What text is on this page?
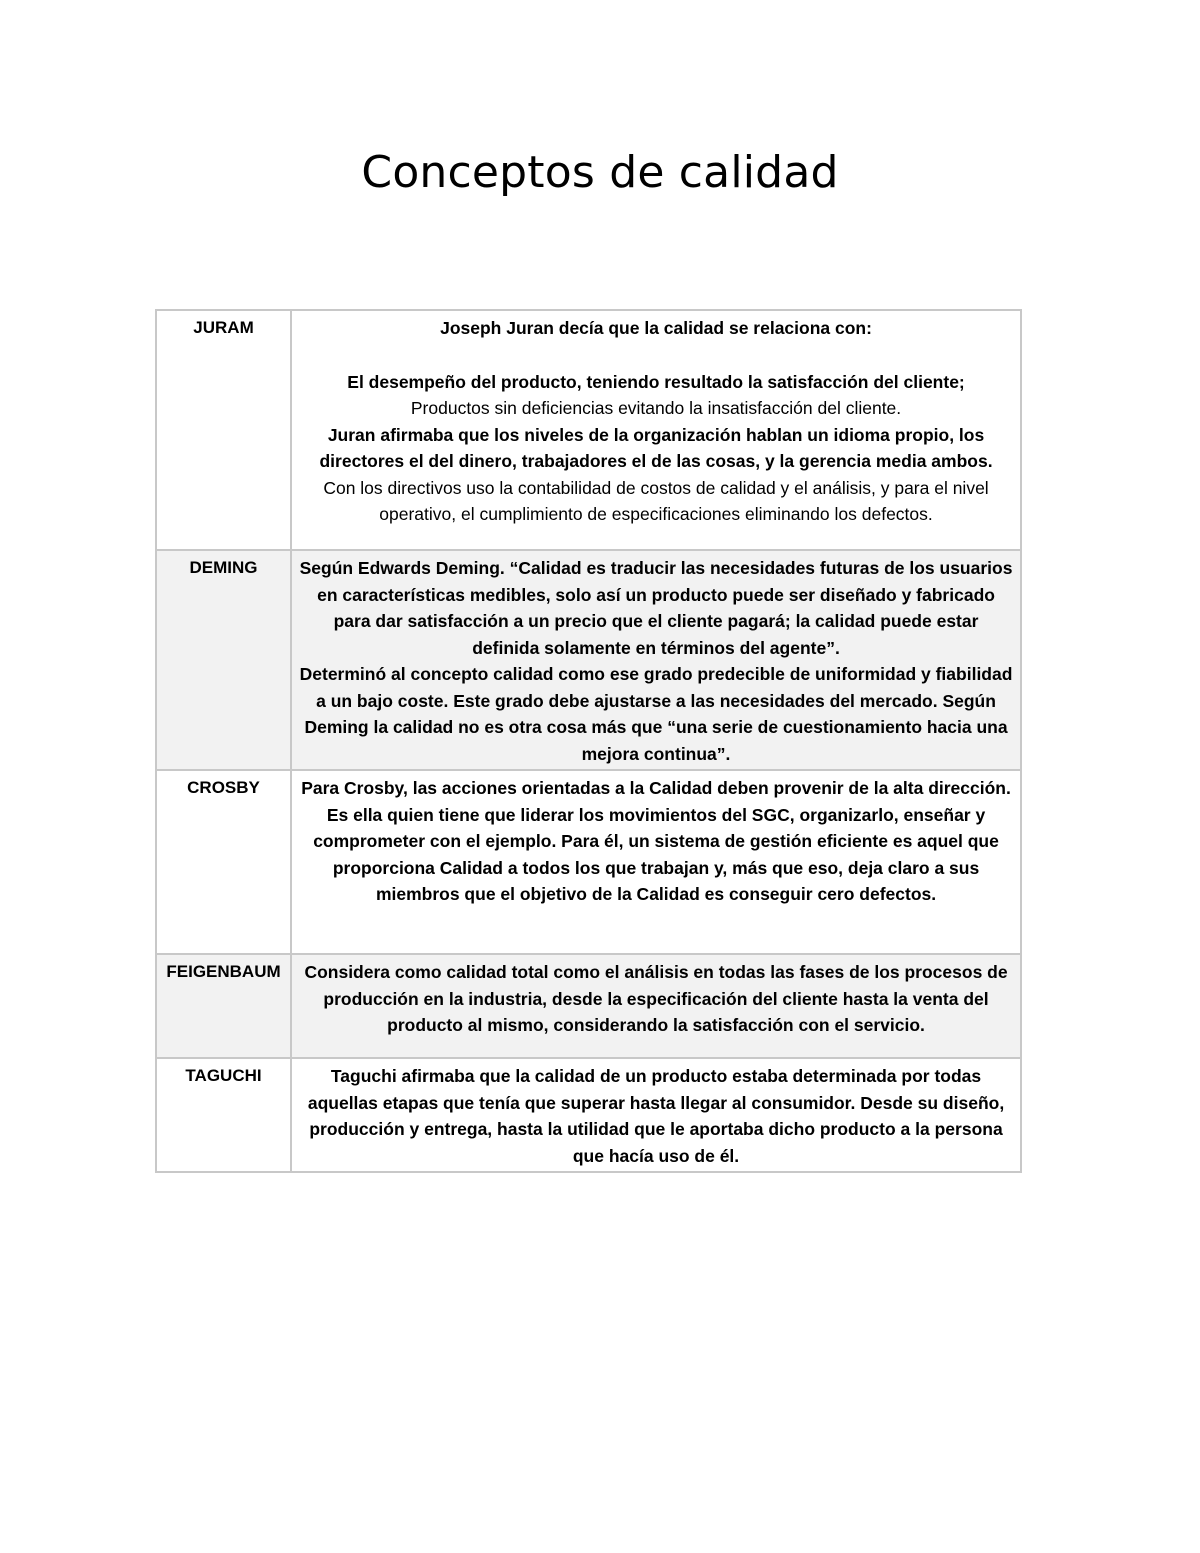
Conceptos de calidad
JURAM	Joseph Juran decía que la calidad se relaciona con:

El desempeño del producto, teniendo resultado la satisfacción del cliente;

Productos sin deficiencias evitando la insatisfacción del cliente.

Juran afirmaba que los niveles de la organización hablan un idioma propio, los directores el del dinero, trabajadores el de las cosas, y la gerencia media ambos.

Con los directivos uso la contabilidad de costos de calidad y el análisis, y para el nivel operativo, el cumplimiento de especificaciones eliminando los defectos.

DEMING	Según Edwards Deming. “Calidad es traducir las necesidades futuras de los usuarios en características medibles, solo así un producto puede ser diseñado y fabricado para dar satisfacción a un precio que el cliente pagará; la calidad puede estar definida solamente en términos del agente”.

Determinó al concepto calidad como ese grado predecible de uniformidad y fiabilidad a un bajo coste. Este grado debe ajustarse a las necesidades del mercado. Según Deming la calidad no es otra cosa más que “una serie de cuestionamiento hacia una mejora continua”.

CROSBY	Para Crosby, las acciones orientadas a la Calidad deben provenir de la alta dirección. Es ella quien tiene que liderar los movimientos del SGC, organizarlo, enseñar y comprometer con el ejemplo. Para él, un sistema de gestión eficiente es aquel que proporciona Calidad a todos los que trabajan y, más que eso, deja claro a sus miembros que el objetivo de la Calidad es conseguir cero defectos.

FEIGENBAUM	Considera como calidad total como el análisis en todas las fases de los procesos de producción en la industria, desde la especificación del cliente hasta la venta del producto al mismo, considerando la satisfacción con el servicio.

TAGUCHI	Taguchi afirmaba que la calidad de un producto estaba determinada por todas aquellas etapas que tenía que superar hasta llegar al consumidor. Desde su diseño, producción y entrega, hasta la utilidad que le aportaba dicho producto a la persona que hacía uso de él.
